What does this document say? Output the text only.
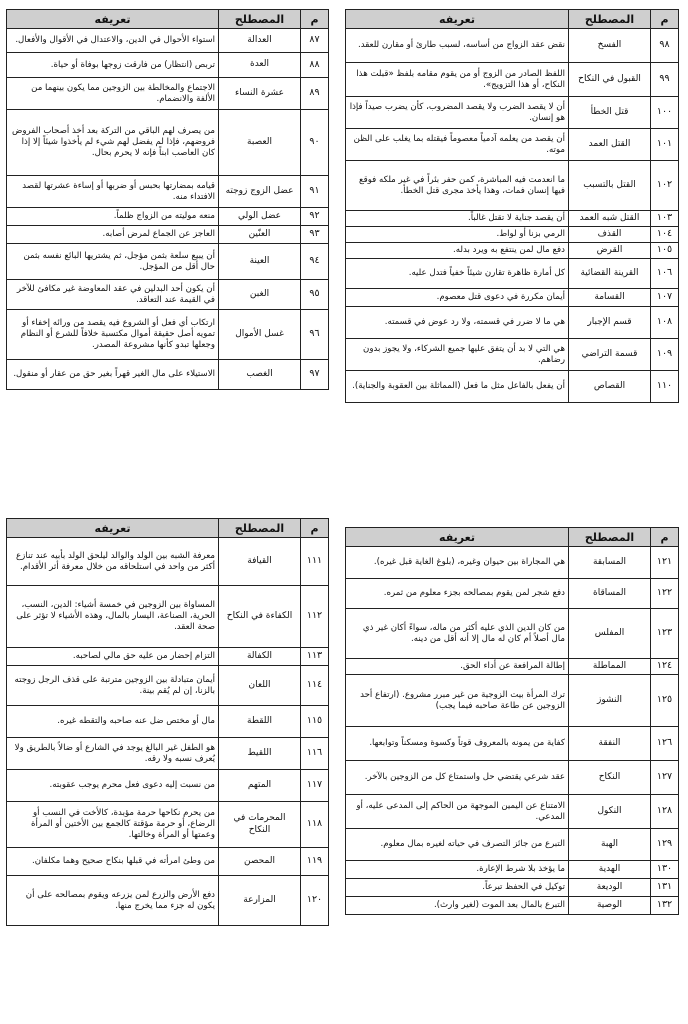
م	المصطلح	تعريفه
٨٧	العدالة	استواء الأحوال في الدين، والاعتدال في الأقوال والأفعال.
٨٨	العدة	تربص (انتظار) من فارقت زوجها بوفاة أو حياة.
٨٩	عشرة النساء	الاجتماع والمخالطة بين الزوجين مما يكون بينهما من الألفة والانضمام.
٩٠	العصبة	من يصرف لهم الباقي من التركة بعد أخذ أصحاب الفروض فروضهم، فإذا لم يفضل لهم شيء لم يأخذوا شيئاً إلا إذا كان العاصب ابناً فإنه لا يحرم بحال.
٩١	عضل الزوج زوجته	قيامه بمضارتها بحبس أو ضربها أو إساءة عشرتها لقصد الافتداء منه.
٩٢	عضل الولي	منعه موليته من الزواج ظلماً.
٩٣	العنّين	العاجز عن الجماع لمرض أصابه.
٩٤	العينة	أن يبيع سلعة بثمن مؤجل، ثم يشتريها البائع نفسه بثمن حال أقل من المؤجل.
٩٥	الغبن	أن يكون أحد البدلين في عقد المعاوضة غير مكافئ للآخر في القيمة عند التعاقد.
٩٦	غسل الأموال	ارتكاب أي فعل أو الشروع فيه يقصد من ورائه إخفاء أو تمويه أصل حقيقة أموال مكتسبة خلافاً للشرع أو النظام وجعلها تبدو كأنها مشروعة المصدر.
٩٧	الغصب	الاستيلاء على مال الغير قهراً بغير حق من عقار أو منقول.
م	المصطلح	تعريفه
٩٨	الفسخ	نقض عقد الزواج من أساسه، لسبب طارئ أو مقارن للعقد.
٩٩	القبول في النكاح	اللفظ الصادر من الزوج أو من يقوم مقامه بلفظ «قبلت هذا النكاح، أو هذا التزويج».
١٠٠	قتل الخطأ	أن لا يقصد الضرب ولا يقصد المضروب، كأن يضرب صيداً فإذا هو إنسان.
١٠١	القتل العمد	أن يقصد من يعلمه آدمياً معصوماً فيقتله بما يغلب على الظن موته.
١٠٢	القتل بالتسبب	ما انعدمت فيه المباشرة، كمن حفر بئراً في غير ملكه فوقع فيها إنسان فمات، وهذا يأخذ مجرى قتل الخطأ.
١٠٣	القتل شبه العمد	أن يقصد جناية لا تقتل غالباً.
١٠٤	القذف	الرمي بزنا أو لواط.
١٠٥	القرض	دفع مال لمن ينتفع به ويرد بدله.
١٠٦	القرينة القضائية	كل أمارة ظاهرة تقارن شيئاً خفياً فتدل عليه.
١٠٧	القسامة	أيمان مكررة في دعوى قتل معصوم.
١٠٨	قسم الإجبار	هي ما لا ضرر في قسمته، ولا رد عوض في قسمته.
١٠٩	قسمة التراضي	هي التي لا بد أن يتفق عليها جميع الشركاء، ولا يجوز بدون رضاهم.
١١٠	القصاص	أن يفعل بالفاعل مثل ما فعل (المماثلة بين العقوبة والجناية).
م	المصطلح	تعريفه
١١١	القيافة	معرفة الشبه بين الولد والوالد ليلحق الولد بأبيه عند تنازع أكثر من واحد في استلحاقه من خلال معرفة أثر الأقدام.
١١٢	الكفاءة في النكاح	المساواة بين الزوجين في خمسة أشياء: الدين، النسب، الحرية، الصناعة، اليسار بالمال، وهذه الأشياء لا تؤثر على صحة العقد.
١١٣	الكفالة	التزام إحضار من عليه حق مالي لصاحبه.
١١٤	اللعان	أيمان متبادلة بين الزوجين مترتبة على قذف الرجل زوجته بالزنا، إن لم يُقم بينة.
١١٥	اللقطة	مال أو مختص ضل عنه صاحبه والتقطه غيره.
١١٦	اللقيط	هو الطفل غير البالغ يوجد في الشارع أو ضالاً بالطريق ولا يُعرف نسبه ولا رقه.
١١٧	المتهم	من نسبت إليه دعوى فعل محرم يوجب عقوبته.
١١٨	المحرمات في النكاح	من يحرم نكاحها حرمة مؤبدة، كالأخت في النسب أو الرضاع، أو حرمة مؤقتة كالجمع بين الأختين أو المرأة وعمتها أو المرأة وخالتها.
١١٩	المحصن	من وطئ امرأته في قبلها بنكاح صحيح وهما مكلفان.
١٢٠	المزارعة	دفع الأرض والزرع لمن يزرعه ويقوم بمصالحه على أن يكون له جزء مما يخرج منها.
م	المصطلح	تعريفه
١٢١	المسابقة	هي المجاراة بين حيوان وغيره، (بلوغ الغاية قبل غيره).
١٢٢	المساقاة	دفع شجر لمن يقوم بمصالحه بجزء معلوم من ثمره.
١٢٣	المفلس	من كان الدين الذي عليه أكثر من ماله، سواءً أكان غير ذي مال أصلاً أم كان له مال إلا أنه أقل من دينه.
١٢٤	المماطلة	إطالة المرافعة عن أداء الحق.
١٢٥	النشوز	ترك المرأة بيت الزوجية من غير مبرر مشروع. (ارتفاع أحد الزوجين عن طاعة صاحبه فيما يجب)
١٢٦	النفقة	كفاية من يمونه بالمعروف قوتاً وكسوة ومسكناً وتوابعها.
١٢٧	النكاح	عقد شرعي يقتضي حل واستمتاع كل من الزوجين بالآخر.
١٢٨	النكول	الامتناع عن اليمين الموجهة من الحاكم إلى المدعى عليه، أو المدعي.
١٢٩	الهبة	التبرع من جائز التصرف في حياته لغيره بمال معلوم.
١٣٠	الهدية	ما يؤخذ بلا شرط الإعارة.
١٣١	الوديعة	توكيل في الحفظ تبرعاً.
١٣٢	الوصية	التبرع بالمال بعد الموت (لغير وارث).
